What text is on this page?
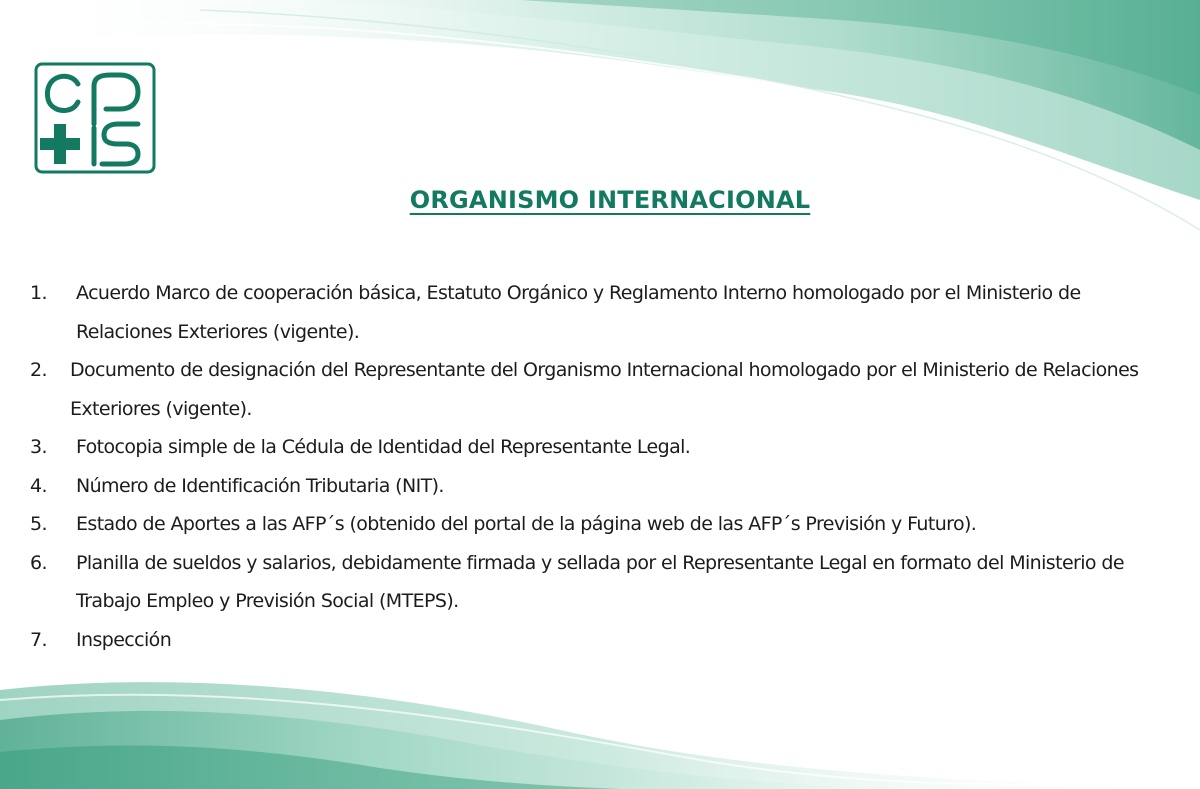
ORGANISMO INTERNACIONAL
1. Acuerdo Marco de cooperación básica, Estatuto Orgánico y Reglamento Interno homologado por el Ministerio de Relaciones Exteriores (vigente).
2. Documento de designación del Representante del Organismo Internacional homologado por el Ministerio de Relaciones Exteriores (vigente).
3. Fotocopia simple de la Cédula de Identidad del Representante Legal.
4. Número de Identificación Tributaria (NIT).
5. Estado de Aportes a las AFP´s (obtenido del portal de la página web de las AFP´s Previsión y Futuro).
6. Planilla de sueldos y salarios, debidamente firmada y sellada por el Representante Legal en formato del Ministerio de Trabajo Empleo y Previsión Social (MTEPS).
7. Inspección
